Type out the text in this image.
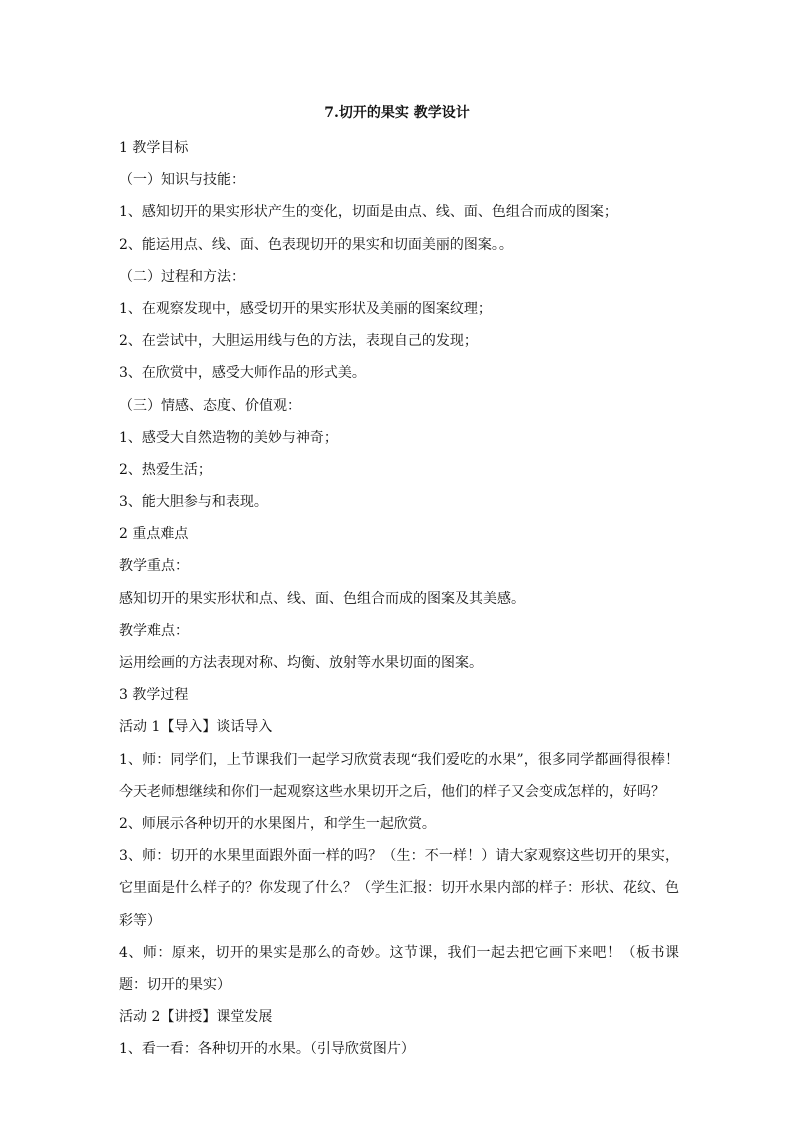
7.切开的果实 教学设计
1 教学目标
（一）知识与技能：
1、感知切开的果实形状产生的变化，切面是由点、线、面、色组合而成的图案；
2、能运用点、线、面、色表现切开的果实和切面美丽的图案。。
（二）过程和方法：
1、在观察发现中，感受切开的果实形状及美丽的图案纹理；
2、在尝试中，大胆运用线与色的方法，表现自己的发现；
3、在欣赏中，感受大师作品的形式美。
（三）情感、态度、价值观：
1、感受大自然造物的美妙与神奇；
2、热爱生活；
3、能大胆参与和表现。
2 重点难点
教学重点：
感知切开的果实形状和点、线、面、色组合而成的图案及其美感。
教学难点：
运用绘画的方法表现对称、均衡、放射等水果切面的图案。
3 教学过程
活动 1【导入】谈话导入
1、师：同学们，上节课我们一起学习欣赏表现“我们爱吃的水果”，很多同学都画得很棒！今天老师想继续和你们一起观察这些水果切开之后，他们的样子又会变成怎样的，好吗？
2、师展示各种切开的水果图片，和学生一起欣赏。
3、师：切开的水果里面跟外面一样的吗？（生：不一样！）请大家观察这些切开的果实，它里面是什么样子的？你发现了什么？（学生汇报：切开水果内部的样子：形状、花纹、色彩等）
4、师：原来，切开的果实是那么的奇妙。这节课，我们一起去把它画下来吧！（板书课题：切开的果实）
活动 2【讲授】课堂发展
1、看一看：各种切开的水果。（引导欣赏图片）
